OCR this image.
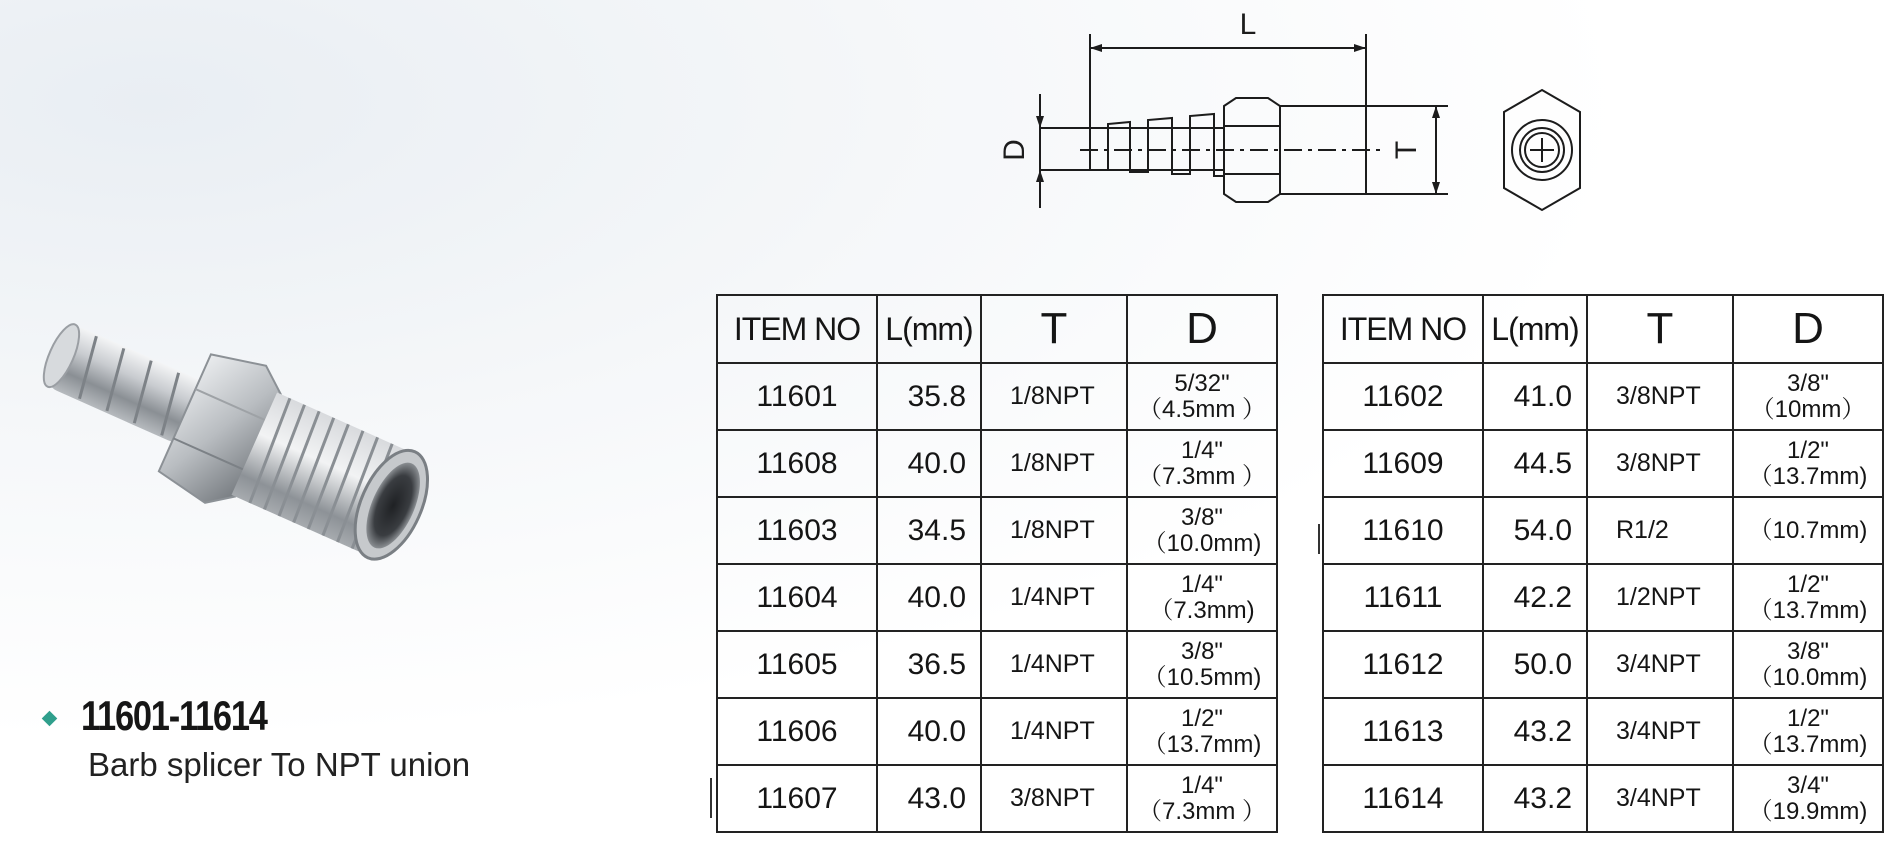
11601-11614
Barb splicer To NPT union
L
D	T
ITEM NO	L(mm)	T	D
11601	35.8	1/8NPT	5/32"
（4.5mm ）

11608	40.0	1/8NPT	1/4"
（7.3mm ）

11603	34.5	1/8NPT	3/8"
（10.0mm)

11604	40.0	1/4NPT	1/4"
（7.3mm)

11605	36.5	1/4NPT	3/8"
（10.5mm)

11606	40.0	1/4NPT	1/2"
（13.7mm)

11607	43.0	3/8NPT	1/4"
（7.3mm ）
ITEM NO	L(mm)	T	D
11602	41.0	3/8NPT	3/8"
（10mm）

11609	44.5	3/8NPT	1/2"
（13.7mm)

11610	54.0	R1/2	（10.7mm)

11611	42.2	1/2NPT	1/2"
（13.7mm)

11612	50.0	3/4NPT	3/8"
（10.0mm)

11613	43.2	3/4NPT	1/2"
（13.7mm)

11614	43.2	3/4NPT	3/4"
（19.9mm)
